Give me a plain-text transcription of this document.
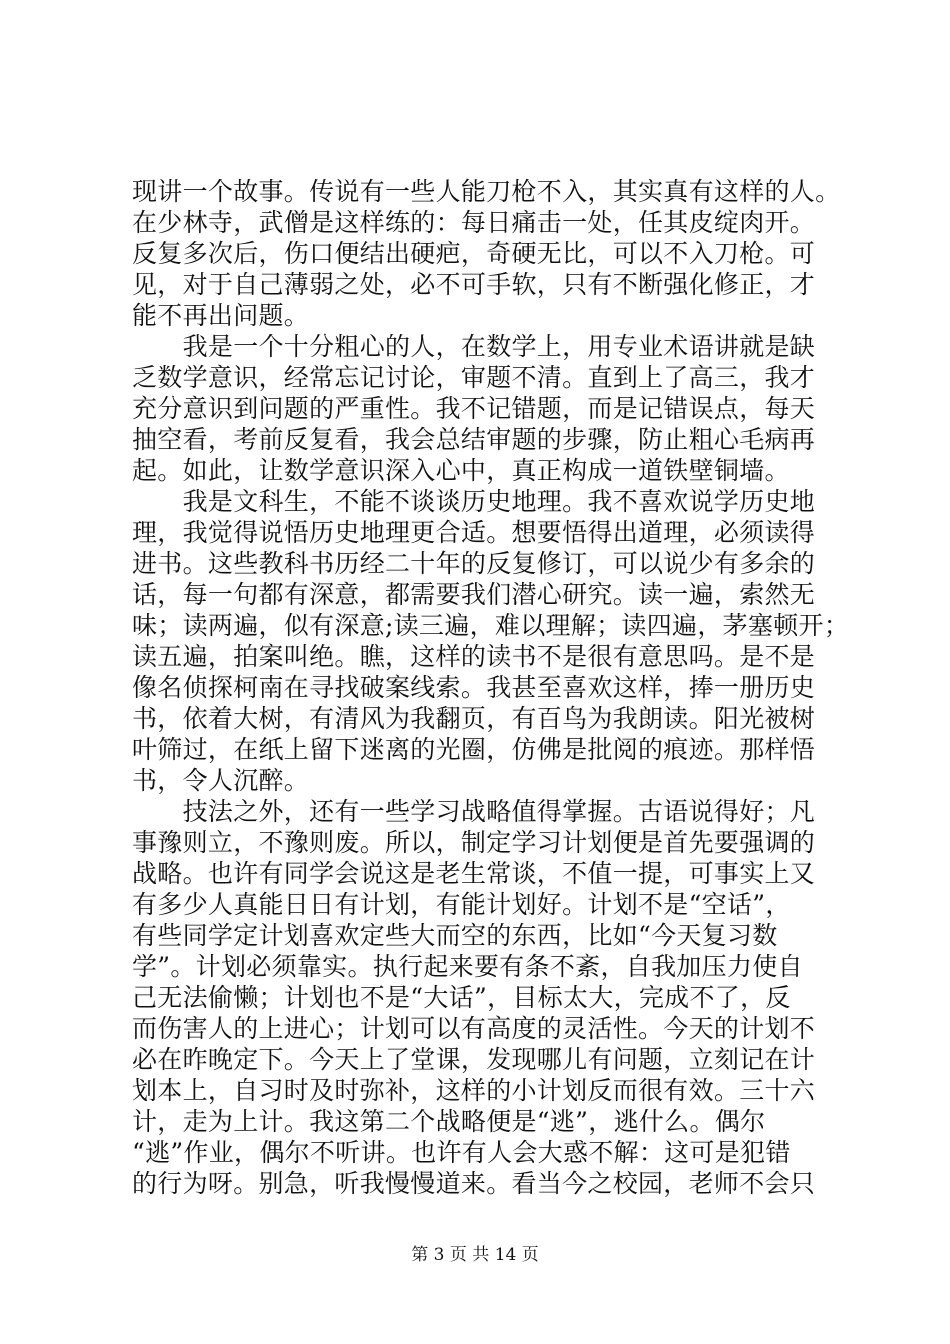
现讲一个故事。传说有一些人能刀枪不入，其实真有这样的人。
在少林寺，武僧是这样练的：每日痛击一处，任其皮绽肉开。
反复多次后，伤口便结出硬疤，奇硬无比，可以不入刀枪。可
见，对于自己薄弱之处，必不可手软，只有不断强化修正，才
能不再出问题。
　　我是一个十分粗心的人，在数学上，用专业术语讲就是缺
乏数学意识，经常忘记讨论，审题不清。直到上了高三，我才
充分意识到问题的严重性。我不记错题，而是记错误点，每天
抽空看，考前反复看，我会总结审题的步骤，防止粗心毛病再
起。如此，让数学意识深入心中，真正构成一道铁壁铜墙。
　　我是文科生，不能不谈谈历史地理。我不喜欢说学历史地
理，我觉得说悟历史地理更合适。想要悟得出道理，必须读得
进书。这些教科书历经二十年的反复修订，可以说少有多余的
话，每一句都有深意，都需要我们潜心研究。读一遍，索然无
味；读两遍，似有深意;读三遍，难以理解；读四遍，茅塞顿开；
读五遍，拍案叫绝。瞧，这样的读书不是很有意思吗。是不是
像名侦探柯南在寻找破案线索。我甚至喜欢这样，捧一册历史
书，依着大树，有清风为我翻页，有百鸟为我朗读。阳光被树
叶筛过，在纸上留下迷离的光圈，仿佛是批阅的痕迹。那样悟
书，令人沉醉。
　　技法之外，还有一些学习战略值得掌握。古语说得好；凡
事豫则立，不豫则废。所以，制定学习计划便是首先要强调的
战略。也许有同学会说这是老生常谈，不值一提，可事实上又
有多少人真能日日有计划，有能计划好。计划不是“空话”，
有些同学定计划喜欢定些大而空的东西，比如“今天复习数
学”。计划必须靠实。执行起来要有条不紊，自我加压力使自
己无法偷懒；计划也不是“大话”，目标太大，完成不了，反
而伤害人的上进心；计划可以有高度的灵活性。今天的计划不
必在昨晚定下。今天上了堂课，发现哪儿有问题，立刻记在计
划本上，自习时及时弥补，这样的小计划反而很有效。三十六
计，走为上计。我这第二个战略便是“逃”，逃什么。偶尔
“逃”作业，偶尔不听讲。也许有人会大惑不解：这可是犯错
的行为呀。别急，听我慢慢道来。看当今之校园，老师不会只
第 3 页 共 14 页
